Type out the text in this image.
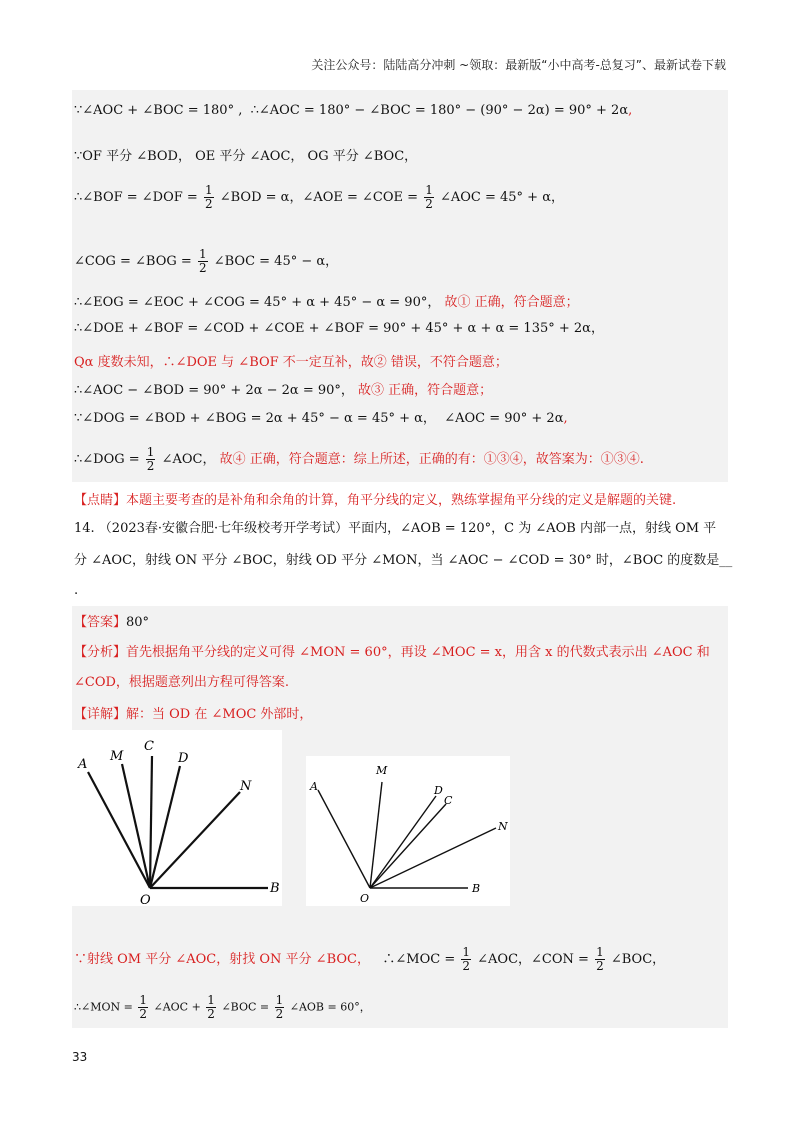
关注公众号：陆陆高分冲刺 ~领取：最新版“小中高考-总复习”、最新试卷下载
∵∠AOC + ∠BOC = 180° ,  ∴∠AOC = 180° − ∠BOC = 180° − (90° − 2α) = 90° + 2α,
∵OF 平分 ∠BOD， OE 平分 ∠AOC， OG 平分 ∠BOC，
∴∠BOF = ∠DOF = $\frac{1}{2}$ ∠BOD = α，∠AOE = ∠COE = $\frac{1}{2}$ ∠AOC = 45° + α，
∠COG = ∠BOG = $\frac{1}{2}$ ∠BOC = 45° − α，
∴∠EOG = ∠EOC + ∠COG = 45° + α + 45° − α = 90°， 故① 正确，符合题意；
∴∠DOE + ∠BOF = ∠COD + ∠COE + ∠BOF = 90° + 45° + α + α = 135° + 2α，
Qα 度数未知，∴∠DOE 与 ∠BOF 不一定互补，故② 错误，不符合题意；
∴∠AOC − ∠BOD = 90° + 2α − 2α = 90°， 故③ 正确，符合题意；
∵∠DOG = ∠BOD + ∠BOG = 2α + 45° − α = 45° + α， ∠AOC = 90° + 2α,
∴∠DOG = $\frac{1}{2}$ ∠AOC， 故④ 正确，符合题意：综上所述，正确的有：①③④，故答案为：①③④.
【点睛】本题主要考查的是补角和余角的计算，角平分线的定义，熟练掌握角平分线的定义是解题的关键.
14. （2023春·安徽合肥·七年级校考开学考试）平面内，∠AOB = 120°，C 为 ∠AOB 内部一点，射线 OM 平
分 ∠AOC，射线 ON 平分 ∠BOC，射线 OD 平分 ∠MON，当 ∠AOC − ∠COD = 30° 时，∠BOC 的度数是__
.
【答案】80°
【分析】首先根据角平分线的定义可得 ∠MON = 60°，再设 ∠MOC = x，用含 x 的代数式表示出 ∠AOC 和
∠COD，根据题意列出方程可得答案.
【详解】解：当 OD 在 ∠MOC 外部时，
A
M
C
D
N
O
B
A
M
D
C
N
O
B
∵射线 OM 平分 ∠AOC，射找 ON 平分 ∠BOC， ∴∠MOC = $\frac{1}{2}$ ∠AOC，∠CON = $\frac{1}{2}$ ∠BOC，
∴∠MON = $\frac{1}{2}$ ∠AOC + $\frac{1}{2}$ ∠BOC = $\frac{1}{2}$ ∠AOB = 60°，
33
